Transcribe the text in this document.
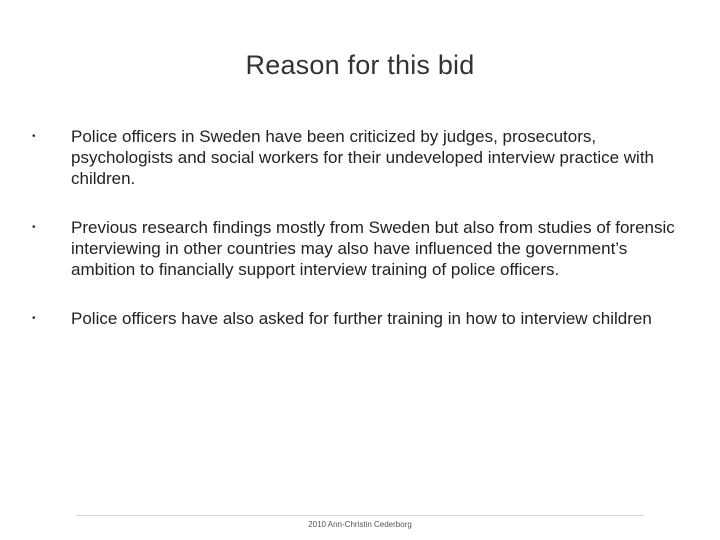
Reason for this bid
• Police officers in Sweden have been criticized by judges, prosecutors, psychologists and social workers for their undeveloped interview practice with children.
• Previous research findings mostly from Sweden but also from studies of forensic interviewing in other countries may also have influenced the government’s ambition to financially support interview training of police officers.
• Police officers have also asked for further training in how to interview children
2010 Ann-Christin Cederborg
